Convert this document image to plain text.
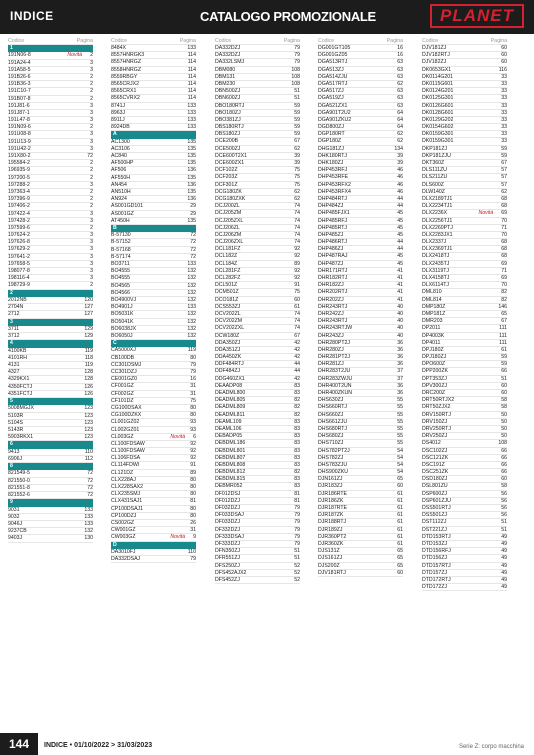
INDICE	CATALOGO PROMOZIONALE	PLANET
Codice	Pagina
1
191N06-8	Novità	2
191A24-4	3
191A58-5	3
191B26-6	2
191B36-3	2
191C10-7	2
191B07-8	2
191J81-6	3
191J87-1	3
191L47-8	3
191N09-6	2
191U08-8	3
191U13-9	3
191U42-2	3
191X80-2	72
195584-2	2
196935-9	2
197200-5	2
197288-2	3
197363-4	2
197396-9	2
197406-2	2
197422-4	3
197428-2	3
197599-6	2
197624-2	3
197626-8	3
197629-2	3
197641-2	3
197658-5	3
198077-8	3
198116-4	3
198729-9	2
2
2012NB	120
2704N	127
2712	127
3
3711	129
3712	129
4
4100KB	119
4101RH	118
4131	119
4327	128
4329KX1	128
4350FCTJ	126
4351FCTJ	126
5
5008MGJX	123
5103R	123
5104S	123
5143R	123
5903RKX1	123
6
9413	110
6906J	112
8
821549-5	72
821550-0	72
821551-8	72
821552-6	72
9
9031	133
9032	133
9046J	133
9237CB	132
9403J	130
Codice	Pagina
8484X	133
8557HNRGK3	114
8557HNRGZ	114
8558HNRGZ	114
8559RBGY	114
8565CRJX2	114
8565CRX1	114
8565CVRX2	114
8741J	133
8963J	133
8911J	133
8924DB	133
A
AC1300	135
AC3106	135
AC840	135
AF500HP	135
AF506	136
AF550H	135
AN454	136
AN510H	135
AN924	136
AS001GD101	29
AS001GZ	29
AT450H	135
B
B-57130	72
B-57152	72
B-57168	72
B-57174	72
BO3711	133
BO4555	132
BO4555	132
BO4565	132
BO4566	132
BO4900VJ	132
BO4901J	133
BO5031K	132
BO5041K	132
BO6038JX	132
BO6050J	132
C
CA5000XJ	119
CB100DB	80
CC301DSMJ	79
CC301DZJ	79
CE001GZ0	16
CF001GZ	31
CF002GZ	31
CF101DZ	75
CG100DSAX	80
CG100DZKX	80
CL001GZ02	93
CL002GZ01	93
CL003GZ	Novità	6
CL100FDSAW	92
CL100FDSAW	92
CL106FDSA	92
CL114FDWI	91
CL121DZ	89
CLX228AJ	80
CLX228SAX2	80
CLX235SMJ	80
CLX431SAJ1	81
CP100DSAJ1	80
CP100DZJ	80
CS002GZ	26
CW001GZ	31
CW003GZ	Novità	9
D
DA3010FJ	110
DA332DSAJ	79
Codice	Pagina
DA332DZJ	79
DA332DZJ	79
DA332LSMJ	79
DBM080	108
DBM131	108
DBM230	108
DBN500ZJ	51
DBN600ZJ	51
DBO180RTJ	59
DBO180ZJ	59
DBO381ZJ	59
DBS180RTJ	59
DBS180ZJ	59
DCE200B	67
DCE500ZJ	62
DCE600T2X1	39
DCE600ZX1	39
DCF102Z	75
DCF203Z	75
DCF301Z	75
DCG180ZK	62
DCG180ZXK	62
DCJ200ZL	74
DCJ205ZM	74
DCJ205ZXL	74
DCJ206ZL	74
DCJ206ZM	74
DCJ206ZXL	74
DCL181FZ	92
DCL182Z	92
DCL184Z	89
DCL281FZ	92
DCL282FZ	92
DCL501Z	91
DCM501Z	75
DCO181Z	60
DCS553ZJ	61
DCV202ZL	74
DCV202ZM	74
DCV202ZXL	74
DCW180Z	67
DDA350ZJ	42
DDA351ZJ	42
DDA450ZK	42
DDF484RTJ	44
DDF484ZJ	44
DDG460ZX1	42
DEAADP08	83
DEADML800	83
DEADML805	82
DEADML809	82
DEADML811	82
DEAML109	83
DEAML106	83
DEBADP05	83
DEBDML186	83
DEBDML801	83
DEBDML807	83
DEBDML808	83
DEBDML812	82
DEBDML815	83
DEBMR052	83
DF012DSJ	81
DF012DZJ	81
DF032DZJ	79
DF033DSAJ	79
DF033DZJ	79
DF332DZJ	79
DF333DSAJ	79
DF333DZJ	79
DFN350ZJ	51
DFR551ZJ	51
DFS250ZJ	52
DFS452AJX2	52
DFS452ZJ	52
Codice	Pagina
DG001GT105	16
DG001GZ05	16
DGA513RTJ	63
DGA513ZJ	63
DGA514ZJU	63
DGA517RTJ	62
DGA517ZJ	63
DGA519ZJ	63
DGA521ZX1	63
DGA901T2U2	64
DGA901ZKU2	64
DGD800ZJ	64
DGP180RT	62
DGP180Z	62
DHG181ZJ	134
DHK180RTJ	39
DHK180ZJ	39
DHP453RFJ	46
DHP453RFE	46
DHP453RFX2	46
DHP453RFX4	46
DHP484RTJ	44
DHP484ZJ	44
DHP485FJX1	45
DHP485RFJ	45
DHP485RTJ	45
DHP485ZJ	45
DHP486RTJ	44
DHP486ZJ	44
DHP487RAJ	45
DHP487ZJ	45
DHR171RTJ	41
DHR182RTJ	41
DHR182ZJ	41
DHR202RTJ	41
DHR202ZJ	41
DHR243RTJ	40
DHR242ZJ	40
DHR243RTJ	40
DHR243RTJW	40
DHR243ZJ	40
DHR280PT2J	36
DHR280ZJ	36
DHR281PT2J	36
DHR281ZJ	36
DHR283T2JU	37
DHR283ZWJU	37
DHR400T2UN	36
DHR400ZKUN	36
DHS630ZJ	55
DHS660RTJ	55
DHS660ZJ	55
DHS661ZJU	55
DHS680RTJ	55
DHS680ZJ	55
DHS710ZJ	55
DHS782PT2J	54
DHS782ZJ	54
DHS783ZJU	54
DHS900ZKU	54
DJN161ZJ	65
DJR183ZJ	60
DJR186RTE	61
DJR186ZK	61
DJR187RTE	61
DJR187ZK	61
DJR188RTJ	61
DJR189ZJ	61
DJR360PT2	61
DJR360ZK	61
DJS131Z	65
DJS161ZJ	65
DJS200Z	65
DJV181RTJ	60
Codice	Pagina
DJV181ZJ	60
DJV182RTJ	60
DJV182ZJ	60
DK0653GX1	116
DK0114G201	33
DK0115G601	33
DK0124G201	33
DK0125G301	33
DK0126G601	33
DK0128G601	33
DK0129G202	33
DK0154G602	33
DK0159G301	33
DK0159G301	33
DKP181ZJ	59
DKP181ZJU	59
DKT360Z	67
DLS111ZU	57
DLS211ZU	57
DLS600Z	57
DLW140Z	62
DLX2189TJ1	68
DLX2234TJ1	68
DLX2236X	Novità	69
DLX2256TJ1	70
DLX2260PTJ	71
DLX2283JX1	70
DLX2337J	68
DLX2369TJ1	68
DLX2418TJ	68
DLX2435TJ	69
DLX3119TJ	71
DLX4158TJ	69
DLX6114TJ	70
DML810	82
DML814	82
DMP180Z	146
DMP181Z	65
DMR203	67
DP2011	111
DP4003K	111
DP4011	111
DPJ180Z	61
DPJ180ZJ	59
DPO600Z	59
DPP200ZK	66
DPT353ZJ	51
DPV300ZJ	60
DRC200Z	60
DRT50RTJX2	58
DRT50ZJX2	58
DRV150RTJ	50
DRV150ZJ	50
DRV250RTJ	50
DRV250ZJ	50
DS4012	108
DSC102ZJ	66
DSC121ZK	66
DSC191Z	66
DSC251ZK	66
DSD180ZJ	60
DSL801ZU	58
DSP600ZJ	56
DSP601ZJU	56
DSS501RTJ	56
DSS501ZJ	56
DST112ZJ	51
DST221ZJ	51
DTD153RTJ	49
DTD153ZJ	49
DTD156RFJ	49
DTD156ZJ	49
DTD157RTJ	49
DTD157ZJ	49
DTD172RTJ	49
DTD172ZJ	49
144	INDICE • 01/10/2022 > 31/03/2023	Serie Z: corpo macchina
